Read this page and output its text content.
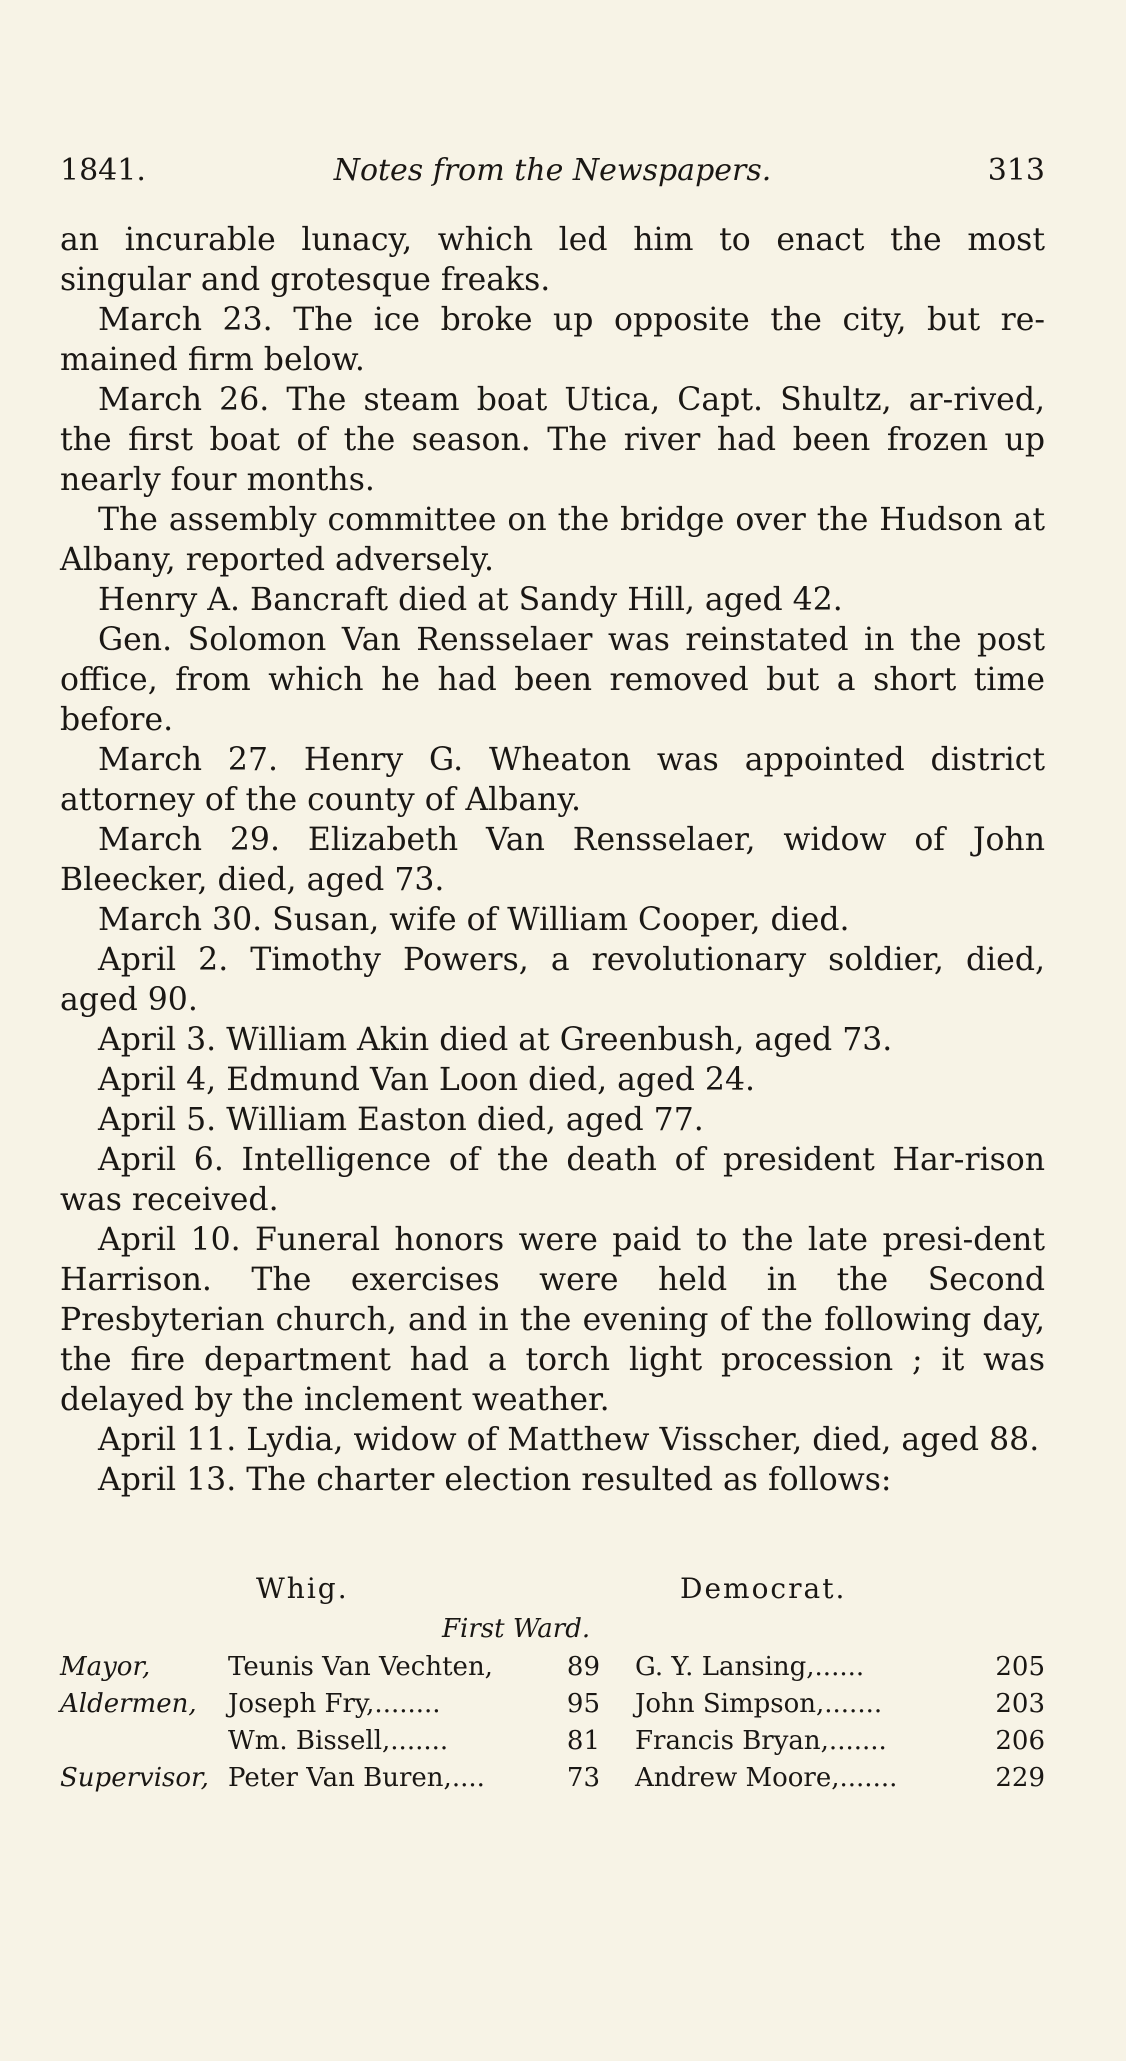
1841.	Notes from the Newspapers.	313

an incurable lunacy, which led him to enact the most singular and grotesque freaks.

March 23. The ice broke up opposite the city, but re-mained firm below.

March 26. The steam boat Utica, Capt. Shultz, ar-rived, the first boat of the season. The river had been frozen up nearly four months.

The assembly committee on the bridge over the Hudson at Albany, reported adversely.

Henry A. Bancraft died at Sandy Hill, aged 42.

Gen. Solomon Van Rensselaer was reinstated in the post office, from which he had been removed but a short time before.

March 27. Henry G. Wheaton was appointed district attorney of the county of Albany.

March 29. Elizabeth Van Rensselaer, widow of John Bleecker, died, aged 73.

March 30. Susan, wife of William Cooper, died.

April 2. Timothy Powers, a revolutionary soldier, died, aged 90.

April 3. William Akin died at Greenbush, aged 73.

April 4, Edmund Van Loon died, aged 24.

April 5. William Easton died, aged 77.

April 6. Intelligence of the death of president Har-rison was received.

April 10. Funeral honors were paid to the late presi-dent Harrison. The exercises were held in the Second Presbyterian church, and in the evening of the following day, the fire department had a torch light procession ; it was delayed by the inclement weather.

April 11. Lydia, widow of Matthew Visscher, died, aged 88.

April 13. The charter election resulted as follows:

Whig.	Democrat.
First Ward.
Mayor,	Teunis Van Vechten,	89 G. Y. Lansing,......	205
Aldermen, Joseph Fry,........	95 John Simpson,.......	203
Wm. Bissell,.......	81 Francis Bryan,.......	206
Supervisor, Peter Van Buren,....	73 Andrew Moore,.......	229
